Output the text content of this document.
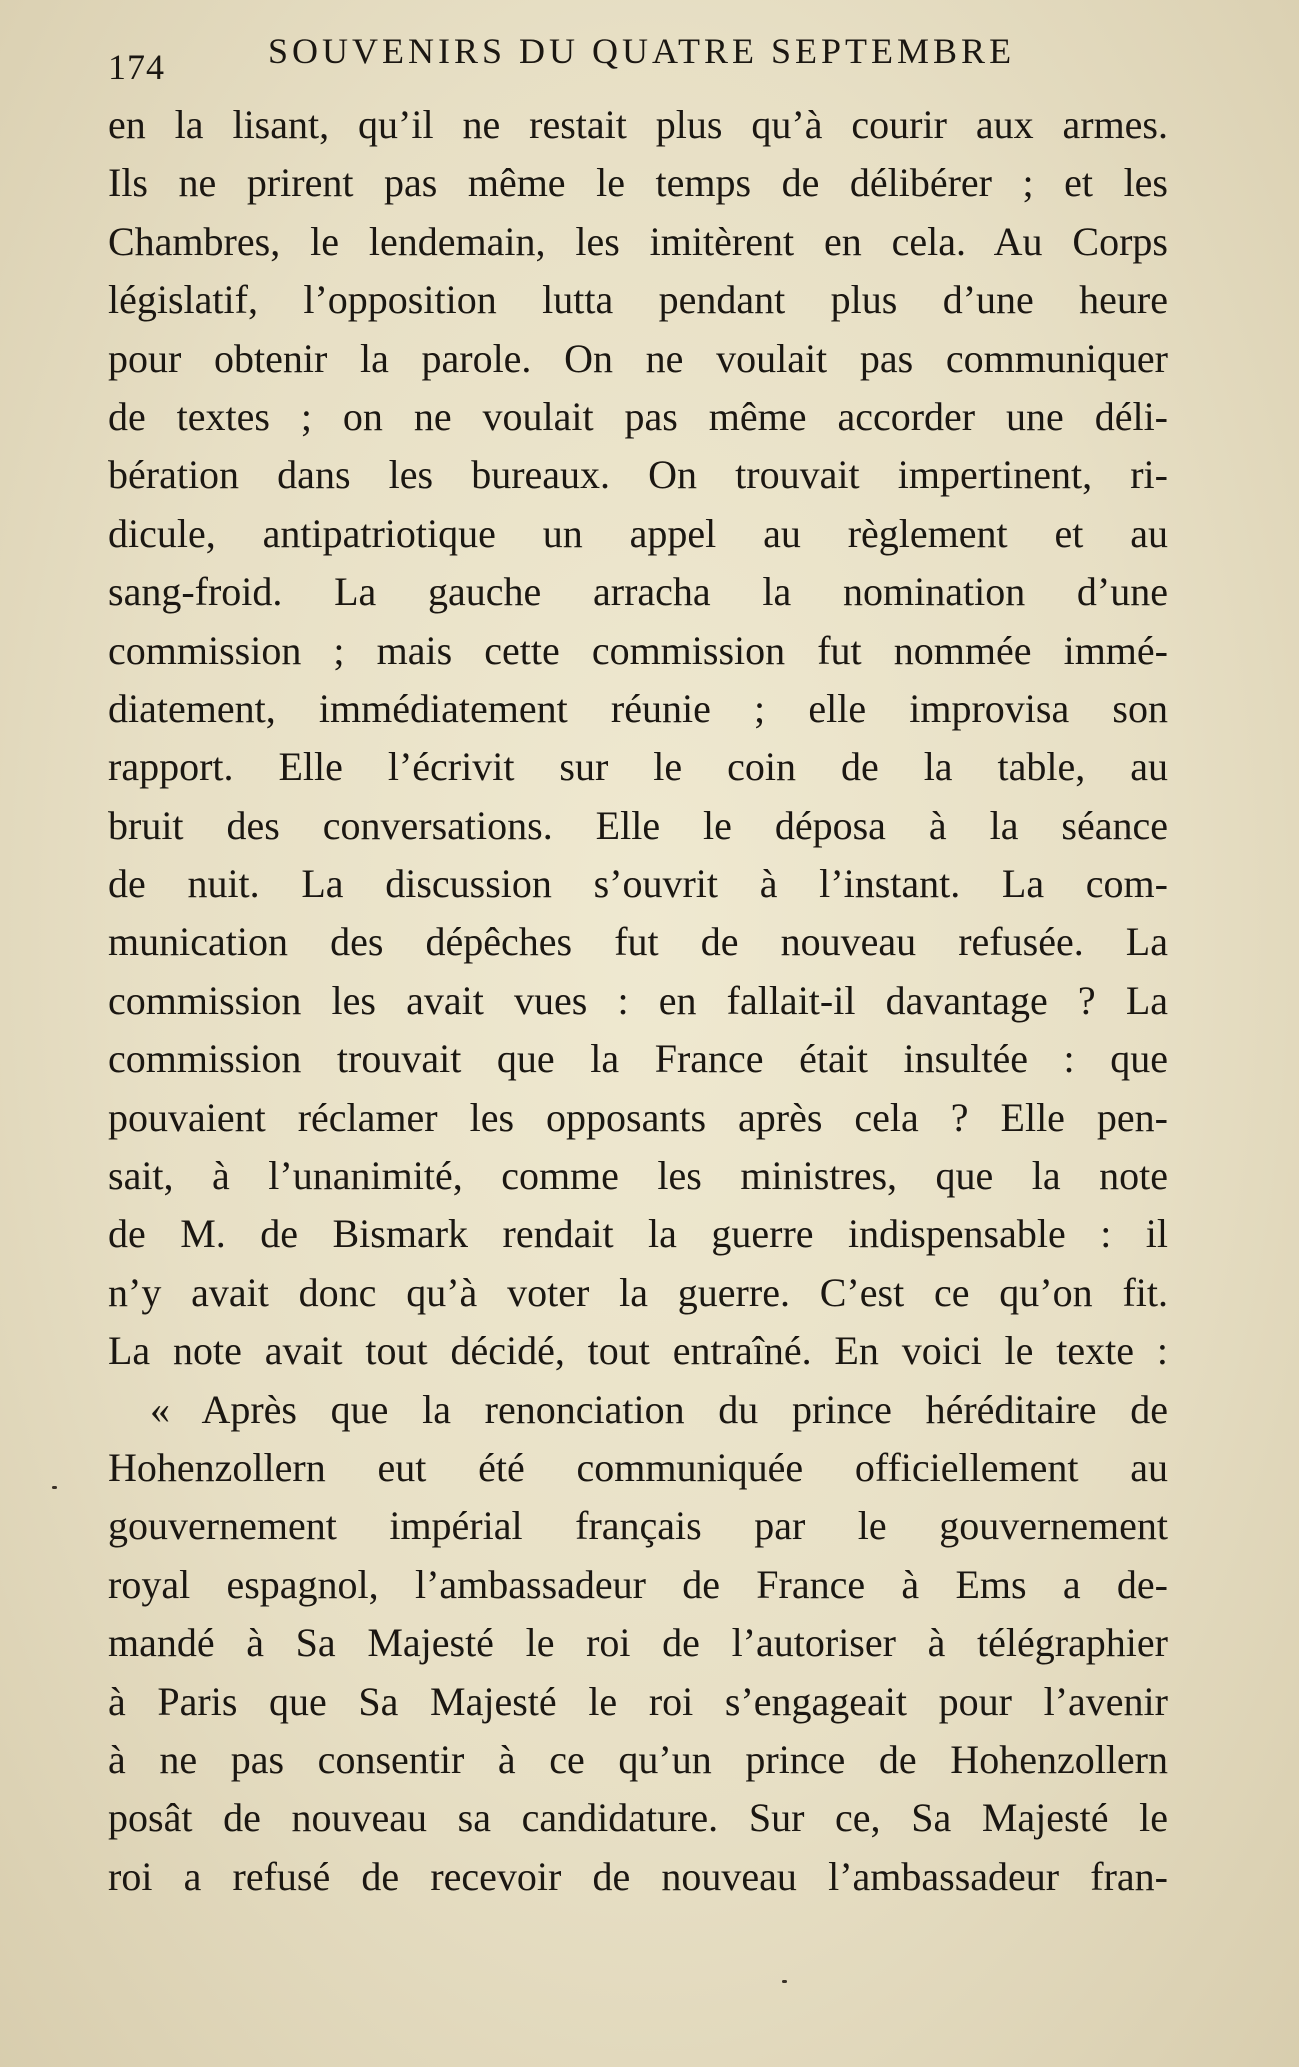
174	SOUVENIRS DU QUATRE SEPTEMBRE
en la lisant, qu’il ne restait plus qu’à courir aux armes.
Ils ne prirent pas même le temps de délibérer ; et les
Chambres, le lendemain, les imitèrent en cela. Au Corps
législatif, l’opposition lutta pendant plus d’une heure
pour obtenir la parole. On ne voulait pas communiquer
de textes ; on ne voulait pas même accorder une déli-
bération dans les bureaux. On trouvait impertinent, ri-
dicule, antipatriotique un appel au règlement et au
sang-froid. La gauche arracha la nomination d’une
commission ; mais cette commission fut nommée immé-
diatement, immédiatement réunie ; elle improvisa son
rapport. Elle l’écrivit sur le coin de la table, au
bruit des conversations. Elle le déposa à la séance
de nuit. La discussion s’ouvrit à l’instant. La com-
munication des dépêches fut de nouveau refusée. La
commission les avait vues : en fallait-il davantage ? La
commission trouvait que la France était insultée : que
pouvaient réclamer les opposants après cela ? Elle pen-
sait, à l’unanimité, comme les ministres, que la note
de M. de Bismark rendait la guerre indispensable : il
n’y avait donc qu’à voter la guerre. C’est ce qu’on fit.
La note avait tout décidé, tout entraîné. En voici le texte :
« Après que la renonciation du prince héréditaire de
Hohenzollern eut été communiquée officiellement au
gouvernement impérial français par le gouvernement
royal espagnol, l’ambassadeur de France à Ems a de-
mandé à Sa Majesté le roi de l’autoriser à télégraphier
à Paris que Sa Majesté le roi s’engageait pour l’avenir
à ne pas consentir à ce qu’un prince de Hohenzollern
posât de nouveau sa candidature. Sur ce, Sa Majesté le
roi a refusé de recevoir de nouveau l’ambassadeur fran-
